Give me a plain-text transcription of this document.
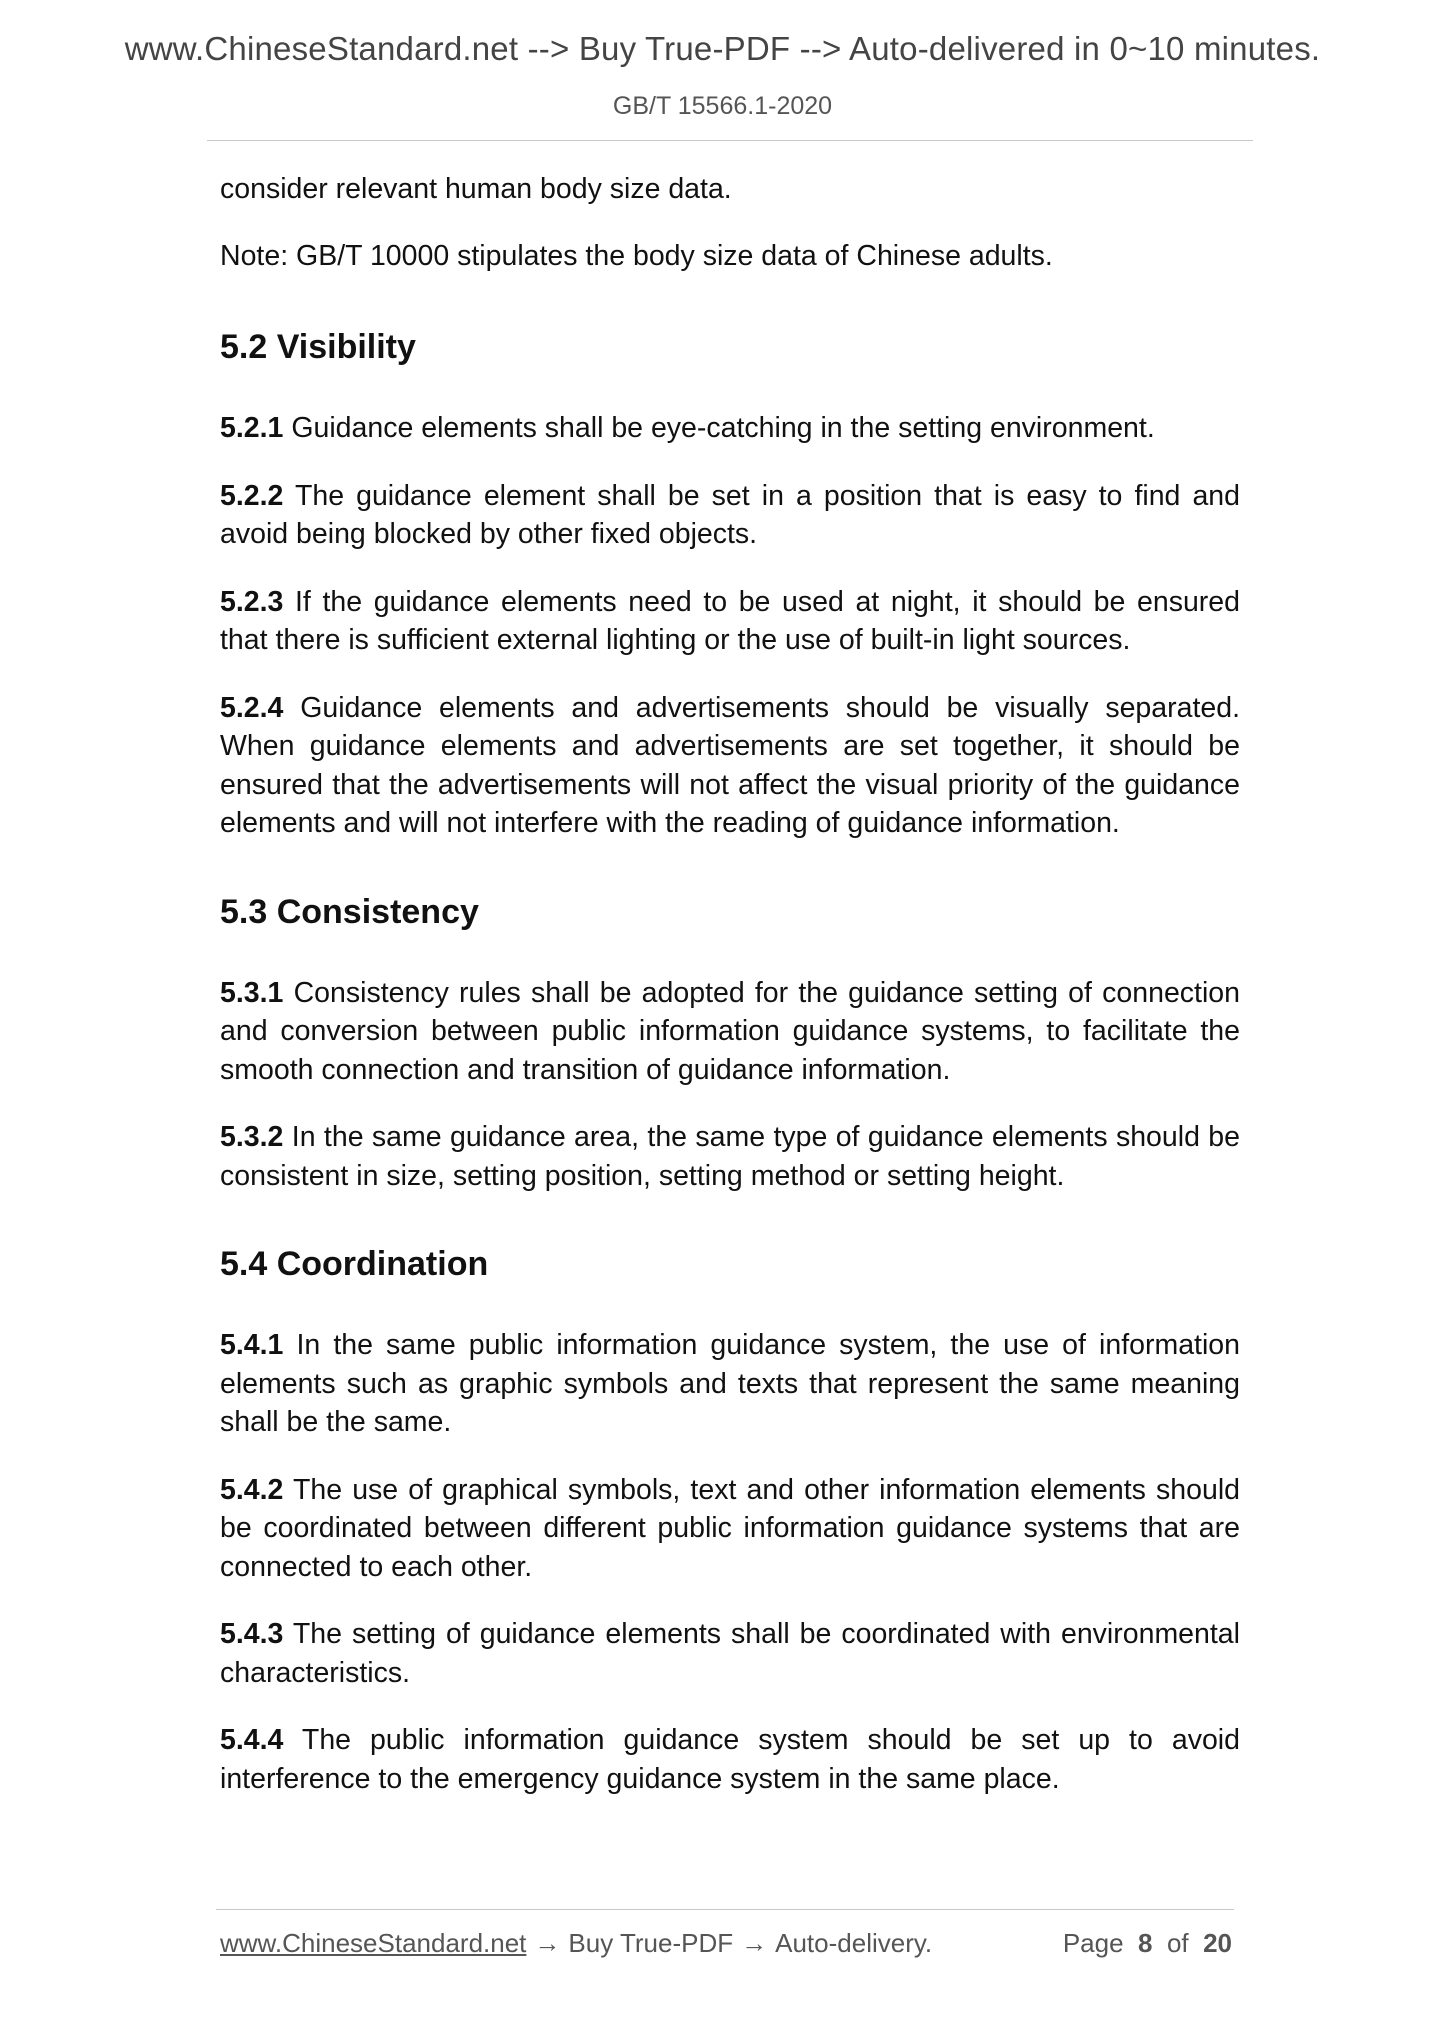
www.ChineseStandard.net --> Buy True-PDF --> Auto-delivered in 0~10 minutes.
GB/T 15566.1-2020

consider relevant human body size data.

Note: GB/T 10000 stipulates the body size data of Chinese adults.

5.2 Visibility

5.2.1 Guidance elements shall be eye-catching in the setting environment.

5.2.2 The guidance element shall be set in a position that is easy to find and avoid being blocked by other fixed objects.

5.2.3 If the guidance elements need to be used at night, it should be ensured that there is sufficient external lighting or the use of built-in light sources.

5.2.4 Guidance elements and advertisements should be visually separated. When guidance elements and advertisements are set together, it should be ensured that the advertisements will not affect the visual priority of the guidance elements and will not interfere with the reading of guidance information.

5.3 Consistency

5.3.1 Consistency rules shall be adopted for the guidance setting of connection and conversion between public information guidance systems, to facilitate the smooth connection and transition of guidance information.

5.3.2 In the same guidance area, the same type of guidance elements should be consistent in size, setting position, setting method or setting height.

5.4 Coordination

5.4.1 In the same public information guidance system, the use of information elements such as graphic symbols and texts that represent the same meaning shall be the same.

5.4.2 The use of graphical symbols, text and other information elements should be coordinated between different public information guidance systems that are connected to each other.

5.4.3 The setting of guidance elements shall be coordinated with environmental characteristics.

5.4.4 The public information guidance system should be set up to avoid interference to the emergency guidance system in the same place.

www.ChineseStandard.net → Buy True-PDF → Auto-delivery.	Page 8 of 20
